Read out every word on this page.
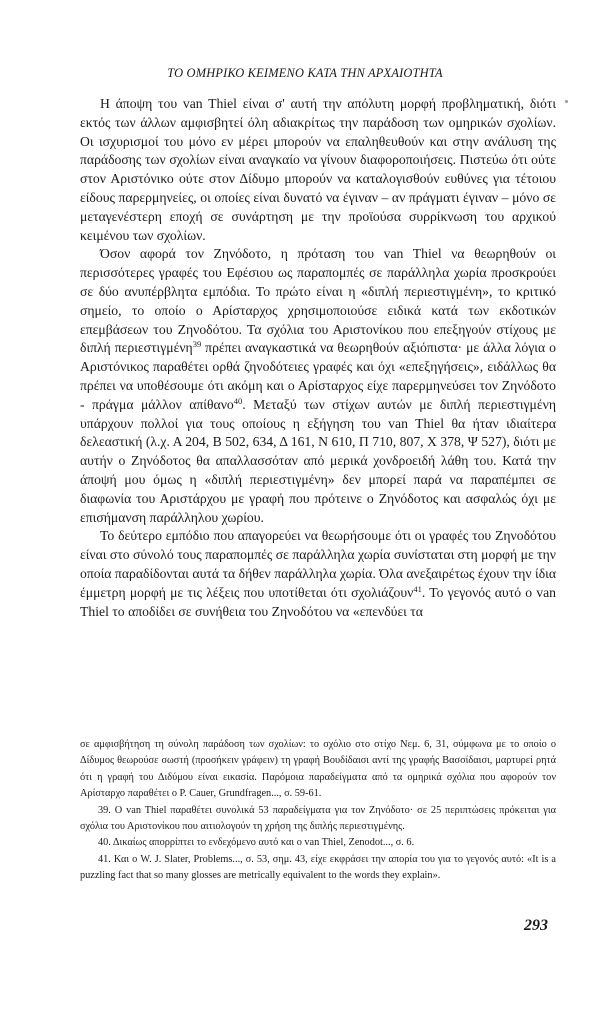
ΤΟ ΟΜΗΡΙΚΟ ΚΕΙΜΕΝΟ ΚΑΤΑ ΤΗΝ ΑΡΧΑΙΟΤΗΤΑ

Η άποψη του van Thiel είναι σ' αυτή την απόλυτη μορφή προβληματική, διότι εκτός των άλλων αμφισβητεί όλη αδιακρίτως την παράδοση των ομηρικών σχολίων. Οι ισχυρισμοί του μόνο εν μέρει μπορούν να επαληθευθούν και στην ανάλυση της παράδοσης των σχολίων είναι αναγκαίο να γίνουν διαφοροποιήσεις. Πιστεύω ότι ούτε στον Αριστόνικο ούτε στον Δίδυμο μπορούν να καταλογισθούν ευθύνες για τέτοιου είδους παρερμηνείες, οι οποίες είναι δυνατό να έγιναν – αν πράγματι έγιναν – μόνο σε μεταγενέστερη εποχή σε συνάρτηση με την προϊούσα συρρίκνωση του αρχικού κειμένου των σχολίων.

Όσον αφορά τον Ζηνόδοτο, η πρόταση του van Thiel να θεωρηθούν οι περισσότερες γραφές του Εφέσιου ως παραπομπές σε παράλληλα χωρία προσκρούει σε δύο ανυπέρβλητα εμπόδια. Το πρώτο είναι η «διπλή περιεστιγμένη», το κριτικό σημείο, το οποίο ο Αρίσταρχος χρησιμοποιούσε ειδικά κατά των εκδοτικών επεμβάσεων του Ζηνοδότου. Τα σχόλια του Αριστονίκου που επεξηγούν στίχους με διπλή περιεστιγμένη$^{39}$ πρέπει αναγκαστικά να θεωρηθούν αξιόπιστα· με άλλα λόγια ο Αριστόνικος παραθέτει ορθά ζηνοδότειες γραφές και όχι «επεξηγήσεις», ειδάλλως θα πρέπει να υποθέσουμε ότι ακόμη και ο Αρίσταρχος είχε παρερμηνεύσει τον Ζηνόδοτο - πράγμα μάλλον απίθανο$^{40}$. Μεταξύ των στίχων αυτών με διπλή περιεστιγμένη υπάρχουν πολλοί για τους οποίους η εξήγηση του van Thiel θα ήταν ιδιαίτερα δελεαστική (λ.χ. Α 204, Β 502, 634, Δ 161, Ν 610, Π 710, 807, Χ 378, Ψ 527), διότι με αυτήν ο Ζηνόδοτος θα απαλλασσόταν από μερικά χονδροειδή λάθη του. Κατά την άποψή μου όμως η «διπλή περιεστιγμένη» δεν μπορεί παρά να παραπέμπει σε διαφωνία του Αριστάρχου με γραφή που πρότεινε ο Ζηνόδοτος και ασφαλώς όχι με επισήμανση παράλληλου χωρίου.

Το δεύτερο εμπόδιο που απαγορεύει να θεωρήσουμε ότι οι γραφές του Ζηνοδότου είναι στο σύνολό τους παραπομπές σε παράλληλα χωρία συνίσταται στη μορφή με την οποία παραδίδονται αυτά τα δήθεν παράλληλα χωρία. Όλα ανεξαιρέτως έχουν την ίδια έμμετρη μορφή με τις λέξεις που υποτίθεται ότι σχολιάζουν$^{41}$. Το γεγονός αυτό ο van Thiel το αποδίδει σε συνήθεια του Ζηνοδότου να «επενδύει τα

σε αμφισβήτηση τη σύνολη παράδοση των σχολίων: το σχόλιο στο στίχο Νεμ. 6, 31, σύμφωνα με το οποίο ο Δίδυμος θεωρούσε σωστή (προσήκειν γράφειν) τη γραφή Βουδίδαισι αντί της γραφής Βασσίδαισι, μαρτυρεί ρητά ότι η γραφή του Διδύμου είναι εικασία. Παρόμοια παραδείγματα από τα ομηρικά σχόλια που αφορούν τον Αρίσταρχο παραθέτει ο P. Cauer, Grundfragen..., σ. 59-61.

39. Ο van Thiel παραθέτει συνολικά 53 παραδείγματα για τον Ζηνόδοτο· σε 25 περιπτώσεις πρόκειται για σχόλια του Αριστονίκου που αιτιολογούν τη χρήση της διπλής περιεστιγμένης.

40. Δικαίως απορρίπτει το ενδεχόμενο αυτό και ο van Thiel, Zenodot..., σ. 6.

41. Και ο W. J. Slater, Problems..., σ. 53, σημ. 43, είχε εκφράσει την απορία του για το γεγονός αυτό: «It is a puzzling fact that so many glosses are metrically equivalent to the words they explain».

293
